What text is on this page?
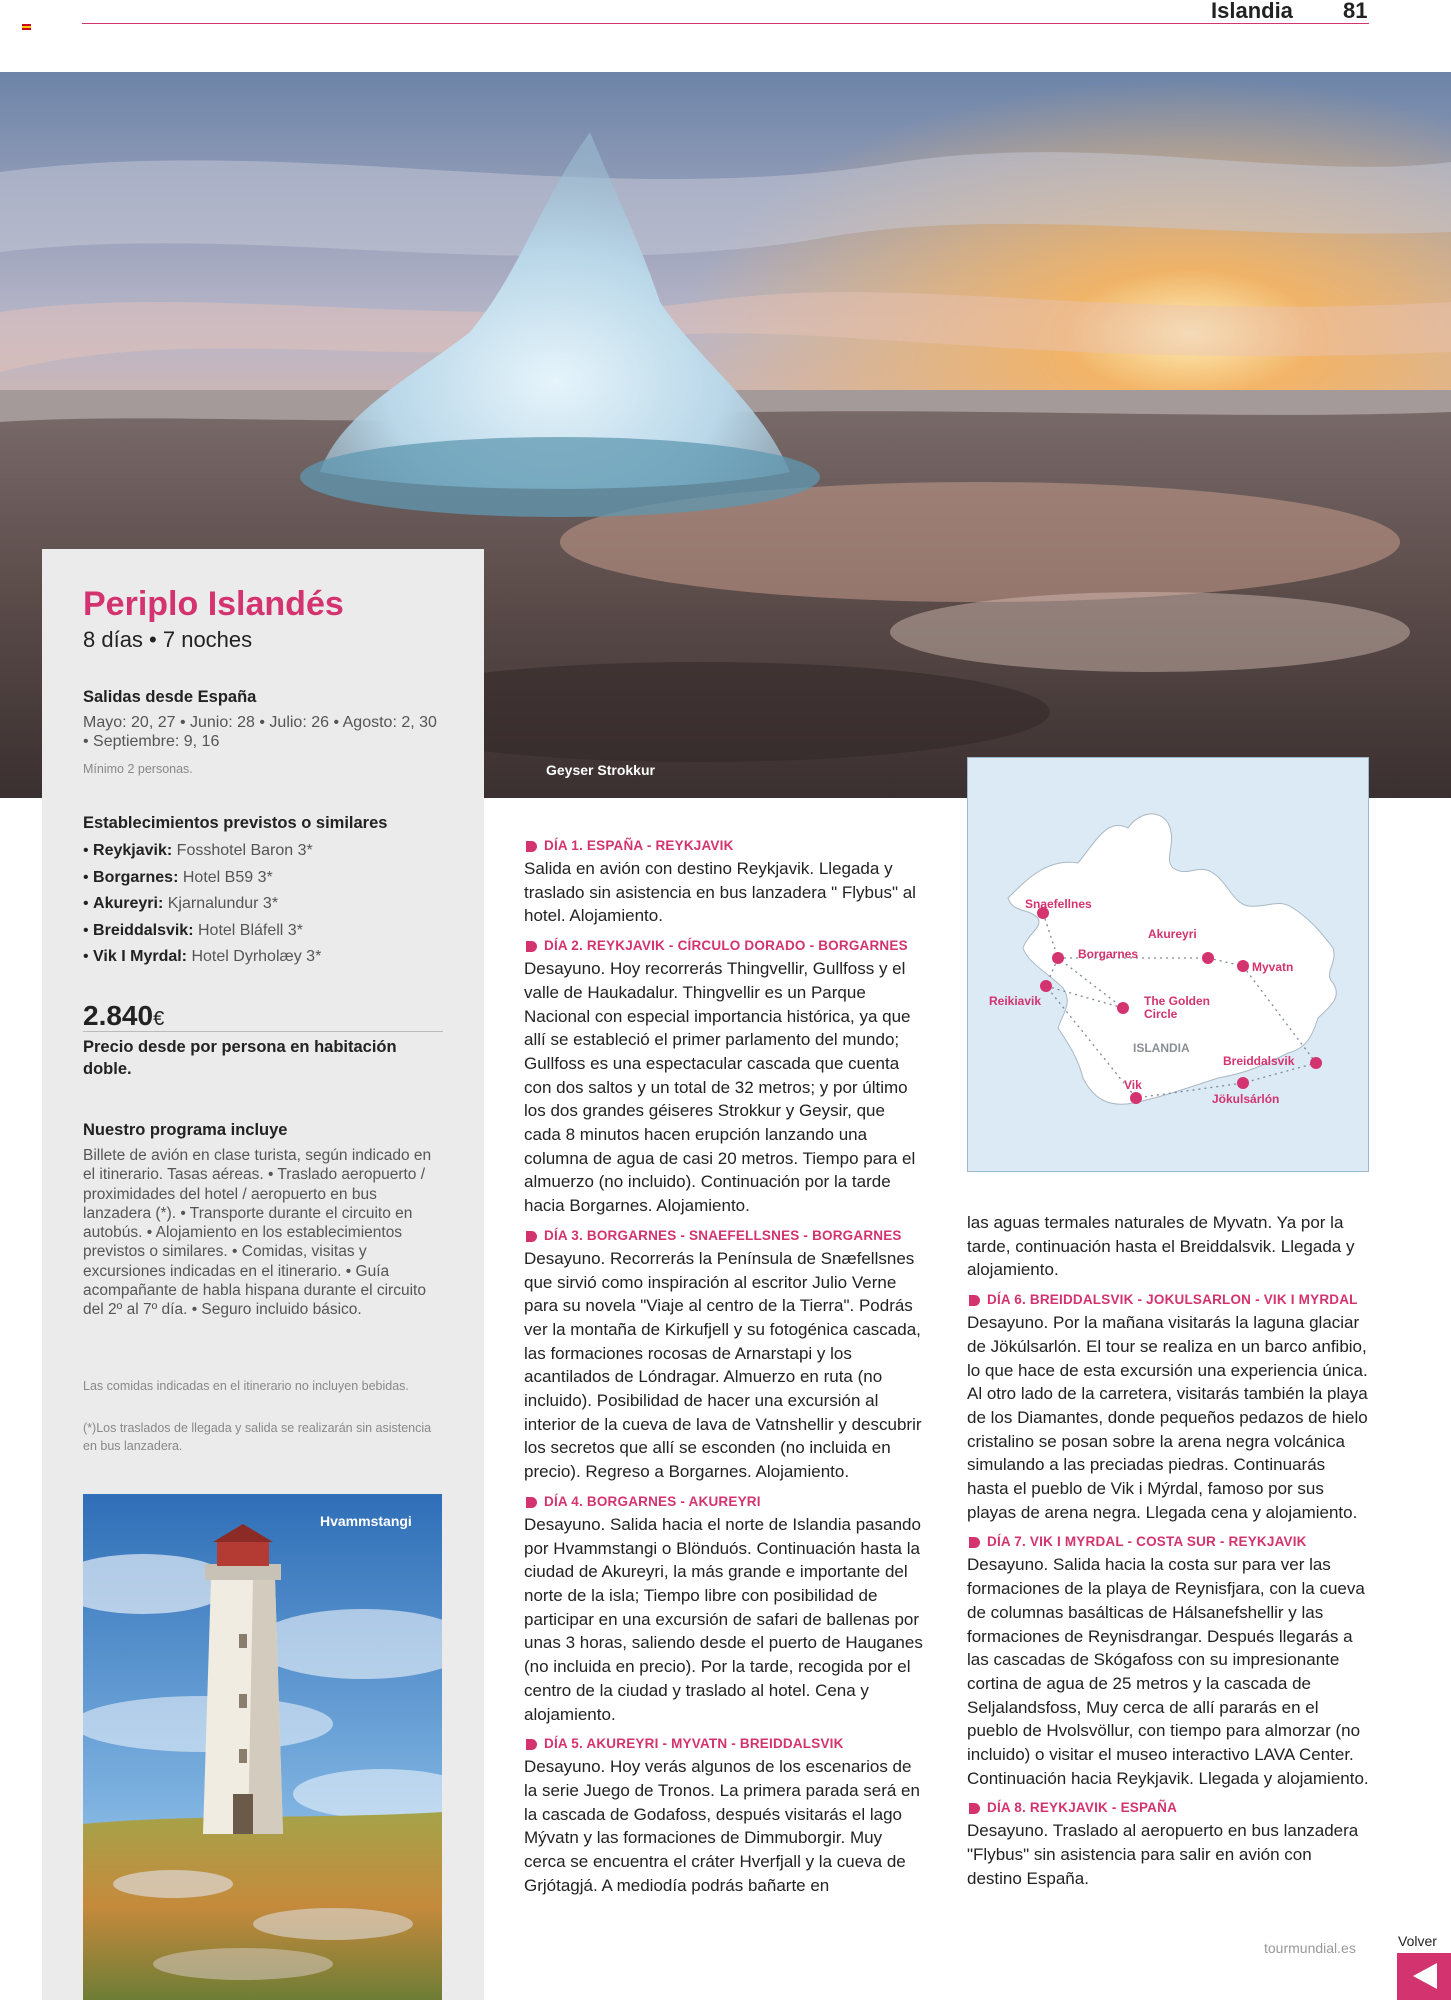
Islandia 81
Geyser Strokkur
Periplo Islandés
8 días • 7 noches
Salidas desde España
Mayo: 20, 27 • Junio: 28 • Julio: 26 • Agosto: 2, 30 • Septiembre: 9, 16
Mínimo 2 personas.
Establecimientos previstos o similares
• Reykjavik: Fosshotel Baron 3*
• Borgarnes: Hotel B59 3*
• Akureyri: Kjarnalundur 3*
• Breiddalsvik: Hotel Bláfell 3*
• Vik I Myrdal: Hotel Dyrholæy 3*
2.840€
Precio desde por persona en habitación doble.
Nuestro programa incluye
Billete de avión en clase turista, según indicado en el itinerario. Tasas aéreas. • Traslado aeropuerto / proximidades del hotel / aeropuerto en bus lanzadera (*). • Transporte durante el circuito en autobús. • Alojamiento en los establecimientos previstos o similares. • Comidas, visitas y excursiones indicadas en el itinerario. • Guía acompañante de habla hispana durante el circuito del 2º al 7º día. • Seguro incluido básico.
Las comidas indicadas en el itinerario no incluyen bebidas.
(*)Los traslados de llegada y salida se realizarán sin asistencia en bus lanzadera.
Hvammstangi
DÍA 1. ESPAÑA - REYKJAVIK

Salida en avión con destino Reykjavik. Llegada y traslado sin asistencia en bus lanzadera " Flybus" al hotel. Alojamiento.

DÍA 2. REYKJAVIK - CÍRCULO DORADO - BORGARNES

Desayuno. Hoy recorrerás Thingvellir, Gullfoss y el valle de Haukadalur. Thingvellir es un Parque Nacional con especial importancia histórica, ya que allí se estableció el primer parlamento del mundo; Gullfoss es una espectacular cascada que cuenta con dos saltos y un total de 32 metros; y por último los dos grandes géiseres Strokkur y Geysir, que cada 8 minutos hacen erupción lanzando una columna de agua de casi 20 metros. Tiempo para el almuerzo (no incluido). Continuación por la tarde hacia Borgarnes. Alojamiento.

DÍA 3. BORGARNES - SNAEFELLSNES - BORGARNES

Desayuno. Recorrerás la Península de Snæfellsnes que sirvió como inspiración al escritor Julio Verne para su novela "Viaje al centro de la Tierra". Podrás ver la montaña de Kirkufjell y su fotogénica cascada, las formaciones rocosas de Arnarstapi y los acantilados de Lóndragar. Almuerzo en ruta (no incluido). Posibilidad de hacer una excursión al interior de la cueva de lava de Vatnshellir y descubrir los secretos que allí se esconden (no incluida en precio). Regreso a Borgarnes. Alojamiento.

DÍA 4. BORGARNES - AKUREYRI

Desayuno. Salida hacia el norte de Islandia pasando por Hvammstangi o Blönduós. Continuación hasta la ciudad de Akureyri, la más grande e importante del norte de la isla; Tiempo libre con posibilidad de participar en una excursión de safari de ballenas por unas 3 horas, saliendo desde el puerto de Hauganes (no incluida en precio). Por la tarde, recogida por el centro de la ciudad y traslado al hotel. Cena y alojamiento.

DÍA 5. AKUREYRI - MYVATN - BREIDDALSVIK

Desayuno. Hoy verás algunos de los escenarios de la serie Juego de Tronos. La primera parada será en la cascada de Godafoss, después visitarás el lago Mývatn y las formaciones de Dimmuborgir. Muy cerca se encuentra el cráter Hverfjall y la cueva de Grjótagjá. A mediodía podrás bañarte en

Snaefellnes
Akureyri
Borgarnes
Myvatn
Reikiavik	The Golden
Circle
Breiddalsvik
Vik
Jökulsárlón
ISLANDIA

las aguas termales naturales de Myvatn. Ya por la tarde, continuación hasta el Breiddalsvik. Llegada y alojamiento.

DÍA 6. BREIDDALSVIK - JOKULSARLON - VIK I MYRDAL

Desayuno. Por la mañana visitarás la laguna glaciar de Jökúlsarlón. El tour se realiza en un barco anfibio, lo que hace de esta excursión una experiencia única. Al otro lado de la carretera, visitarás también la playa de los Diamantes, donde pequeños pedazos de hielo cristalino se posan sobre la arena negra volcánica simulando a las preciadas piedras. Continuarás hasta el pueblo de Vik i Mýrdal, famoso por sus playas de arena negra. Llegada cena y alojamiento.

DÍA 7. VIK I MYRDAL - COSTA SUR - REYKJAVIK

Desayuno. Salida hacia la costa sur para ver las formaciones de la playa de Reynisfjara, con la cueva de columnas basálticas de Hálsanefshellir y las formaciones de Reynisdrangar. Después llegarás a las cascadas de Skógafoss con su impresionante cortina de agua de 25 metros y la cascada de Seljalandsfoss, Muy cerca de allí pararás en el pueblo de Hvolsvöllur, con tiempo para almorzar (no incluido) o visitar el museo interactivo LAVA Center. Continuación hacia Reykjavik. Llegada y alojamiento.

DÍA 8. REYKJAVIK - ESPAÑA

Desayuno. Traslado al aeropuerto en bus lanzadera "Flybus" sin asistencia para salir en avión con destino España.

tourmundial.es	Volver
